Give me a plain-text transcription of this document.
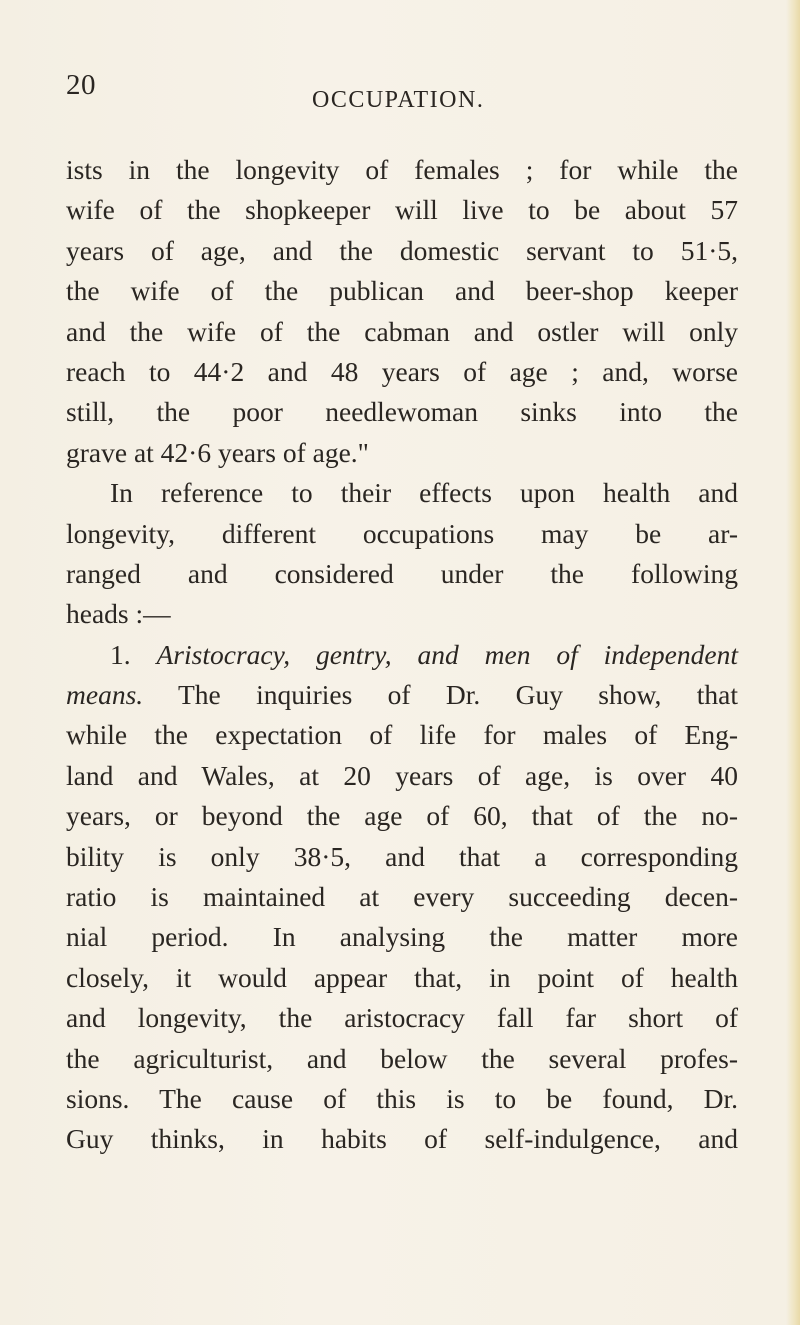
20	OCCUPATION.
ists in the longevity of females ; for while the
wife of the shopkeeper will live to be about 57
years of age, and the domestic servant to 51·5,
the wife of the publican and beer-shop keeper
and the wife of the cabman and ostler will only
reach to 44·2 and 48 years of age ; and, worse
still, the poor needlewoman sinks into the
grave at 42·6 years of age."
In reference to their effects upon health and
longevity, different occupations may be ar-
ranged and considered under the following
heads :—
1. Aristocracy, gentry, and men of independent
means. The inquiries of Dr. Guy show, that
while the expectation of life for males of Eng-
land and Wales, at 20 years of age, is over 40
years, or beyond the age of 60, that of the no-
bility is only 38·5, and that a corresponding
ratio is maintained at every succeeding decen-
nial period. In analysing the matter more
closely, it would appear that, in point of health
and longevity, the aristocracy fall far short of
the agriculturist, and below the several profes-
sions. The cause of this is to be found, Dr.
Guy thinks, in habits of self-indulgence, and
